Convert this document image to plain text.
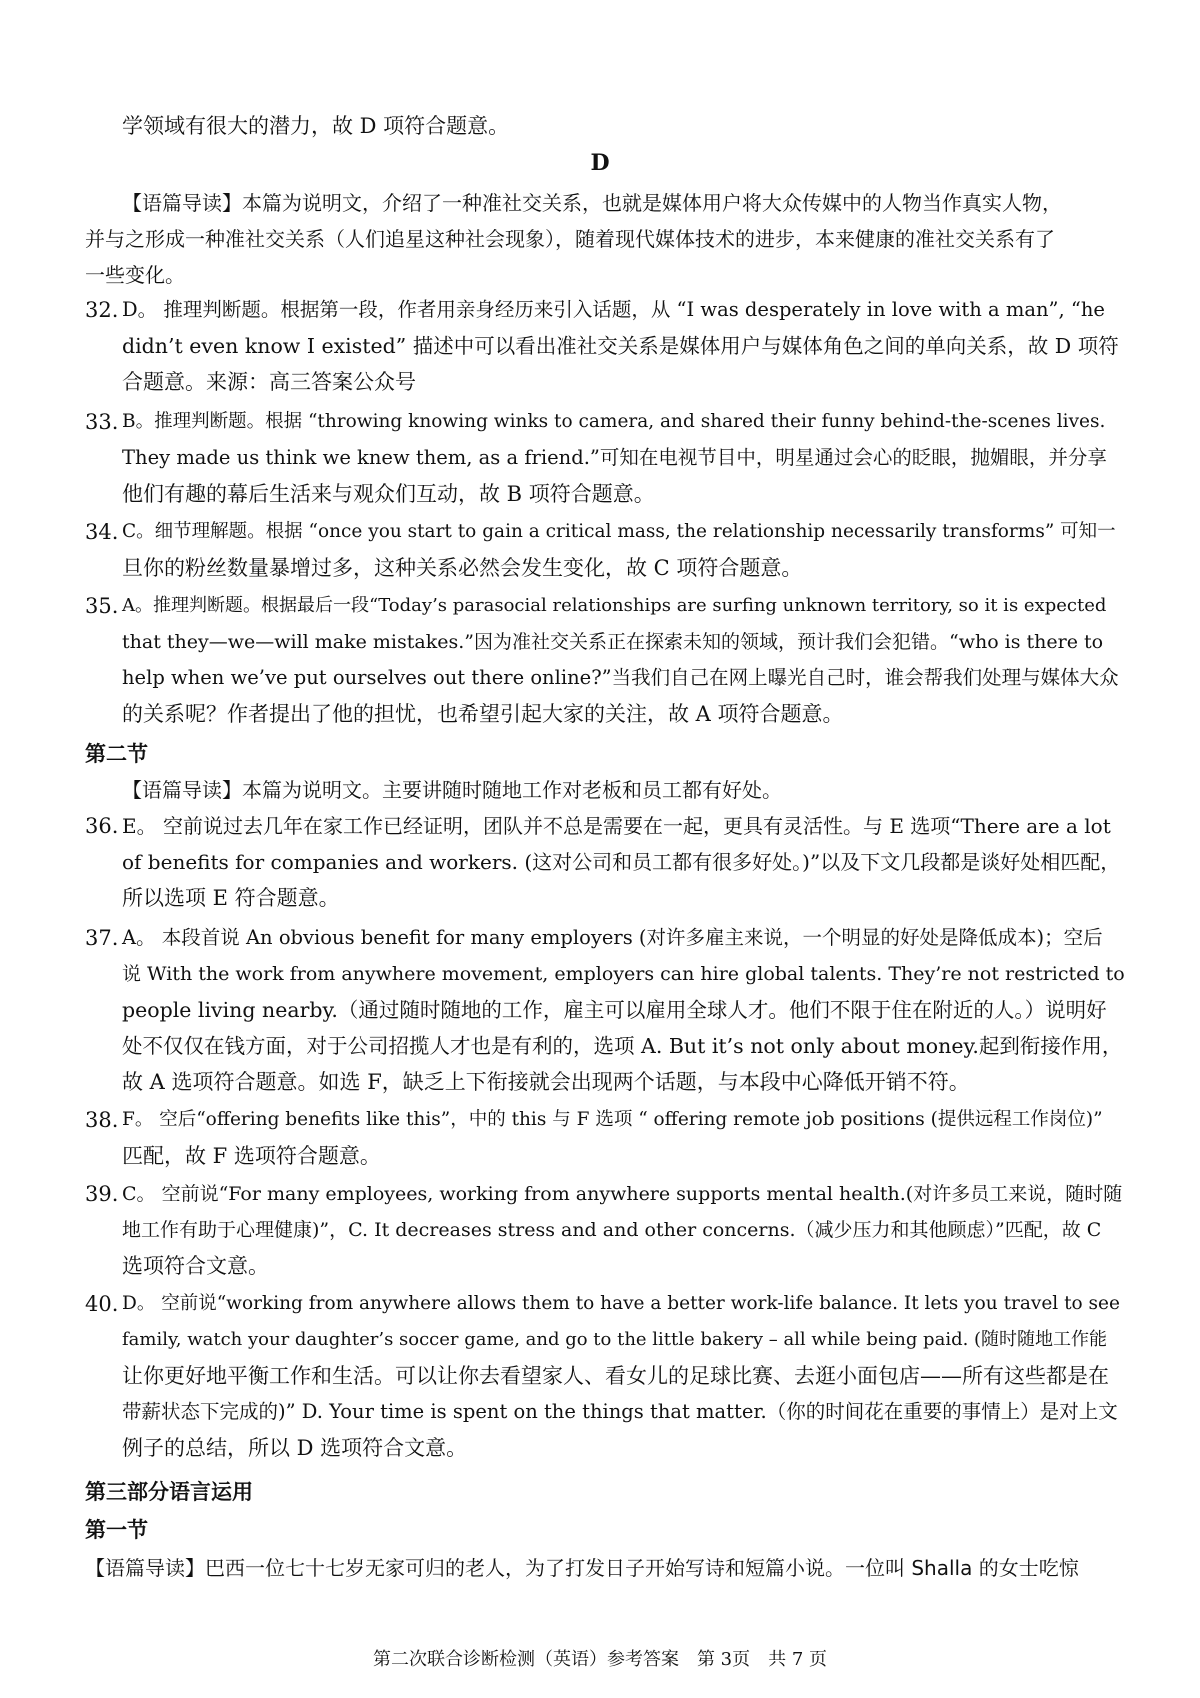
学领域有很大的潜力，故 D 项符合题意。

D

【语篇导读】本篇为说明文，介绍了一种准社交关系，也就是媒体用户将大众传媒中的人物当作真实人物，

并与之形成一种准社交关系（人们追星这种社会现象），随着现代媒体技术的进步，本来健康的准社交关系有了

一些变化。

32. D。 推理判断题。根据第一段，作者用亲身经历来引入话题，从 “I was desperately in love with a man”, “he

didn’t even know I existed” 描述中可以看出准社交关系是媒体用户与媒体角色之间的单向关系，故 D 项符

合题意。来源：高三答案公众号

33. B。推理判断题。根据 “throwing knowing winks to camera, and shared their funny behind-the-scenes lives.

They made us think we knew them, as a friend.”可知在电视节目中，明星通过会心的眨眼，抛媚眼，并分享

他们有趣的幕后生活来与观众们互动，故 B 项符合题意。

34. C。细节理解题。根据 “once you start to gain a critical mass, the relationship necessarily transforms” 可知一

旦你的粉丝数量暴增过多，这种关系必然会发生变化，故 C 项符合题意。

35. A。推理判断题。根据最后一段“Today’s parasocial relationships are surfing unknown territory, so it is expected

that they—we—will make mistakes.”因为准社交关系正在探索未知的领域，预计我们会犯错。“who is there to

help when we’ve put ourselves out there online?”当我们自己在网上曝光自己时，谁会帮我们处理与媒体大众

的关系呢？作者提出了他的担忧，也希望引起大家的关注，故 A 项符合题意。

第二节

【语篇导读】本篇为说明文。主要讲随时随地工作对老板和员工都有好处。

36. E。 空前说过去几年在家工作已经证明，团队并不总是需要在一起，更具有灵活性。与 E 选项“There are a lot

of benefits for companies and workers. (这对公司和员工都有很多好处。)”以及下文几段都是谈好处相匹配，

所以选项 E 符合题意。

37. A。 本段首说 An obvious benefit for many employers (对许多雇主来说，一个明显的好处是降低成本)；空后

说 With the work from anywhere movement, employers can hire global talents. They’re not restricted to

people living nearby.（通过随时随地的工作，雇主可以雇用全球人才。他们不限于住在附近的人。）说明好

处不仅仅在钱方面，对于公司招揽人才也是有利的，选项 A. But it’s not only about money.起到衔接作用，

故 A 选项符合题意。如选 F，缺乏上下衔接就会出现两个话题，与本段中心降低开销不符。

38. F。 空后“offering benefits like this”，中的 this 与 F 选项 “ offering remote job positions (提供远程工作岗位)”

匹配，故 F 选项符合题意。

39. C。 空前说“For many employees, working from anywhere supports mental health.(对许多员工来说，随时随

地工作有助于心理健康)”，C. It decreases stress and and other concerns.（减少压力和其他顾虑）”匹配，故 C

选项符合文意。

40. D。 空前说“working from anywhere allows them to have a better work-life balance. It lets you travel to see

family, watch your daughter’s soccer game, and go to the little bakery – all while being paid. (随时随地工作能

让你更好地平衡工作和生活。可以让你去看望家人、看女儿的足球比赛、去逛小面包店——所有这些都是在

带薪状态下完成的)” D. Your time is spent on the things that matter.（你的时间花在重要的事情上）是对上文

例子的总结，所以 D 选项符合文意。

第三部分语言运用
第一节

【语篇导读】巴西一位七十七岁无家可归的老人，为了打发日子开始写诗和短篇小说。一位叫 Shalla 的女士吃惊

第二次联合诊断检测（英语）参考答案　第 3页　共 7 页
